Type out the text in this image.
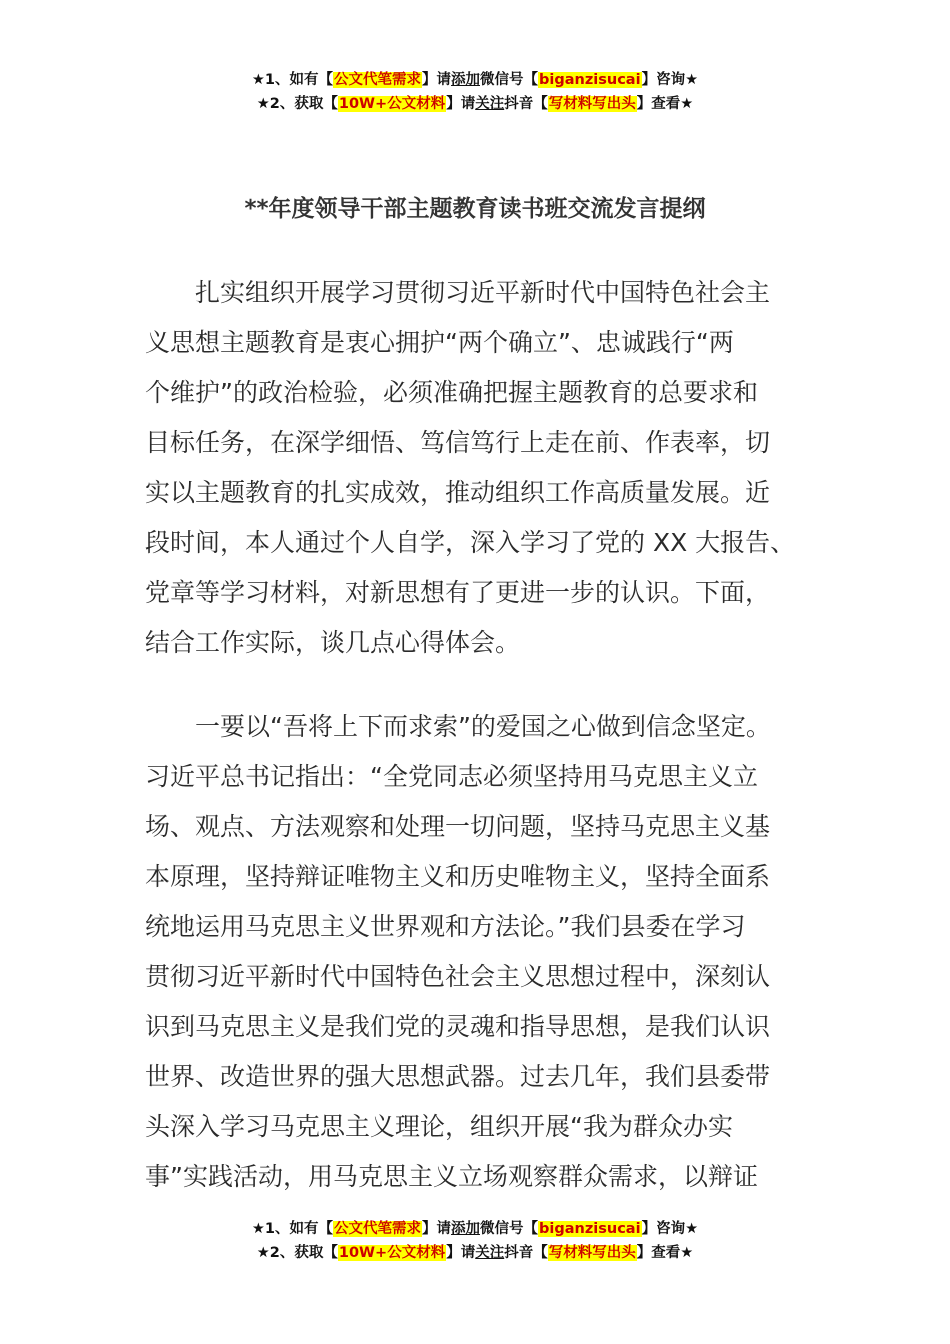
★1、如有【公文代笔需求】请添加微信号【biganzisucai】咨询★
★2、获取【10W+公文材料】请关注抖音【写材料写出头】查看★
**年度领导干部主题教育读书班交流发言提纲
扎实组织开展学习贯彻习近平新时代中国特色社会主
义思想主题教育是衷心拥护“两个确立”、忠诚践行“两
个维护”的政治检验，必须准确把握主题教育的总要求和
目标任务，在深学细悟、笃信笃行上走在前、作表率，切
实以主题教育的扎实成效，推动组织工作高质量发展。近
段时间，本人通过个人自学，深入学习了党的 XX 大报告、
党章等学习材料，对新思想有了更进一步的认识。下面，
结合工作实际，谈几点心得体会。
一要以“吾将上下而求索”的爱国之心做到信念坚定。
习近平总书记指出：“全党同志必须坚持用马克思主义立
场、观点、方法观察和处理一切问题，坚持马克思主义基
本原理，坚持辩证唯物主义和历史唯物主义，坚持全面系
统地运用马克思主义世界观和方法论。”我们县委在学习
贯彻习近平新时代中国特色社会主义思想过程中，深刻认
识到马克思主义是我们党的灵魂和指导思想，是我们认识
世界、改造世界的强大思想武器。过去几年，我们县委带
头深入学习马克思主义理论，组织开展“我为群众办实
事”实践活动，用马克思主义立场观察群众需求，以辩证
★1、如有【公文代笔需求】请添加微信号【biganzisucai】咨询★
★2、获取【10W+公文材料】请关注抖音【写材料写出头】查看★
